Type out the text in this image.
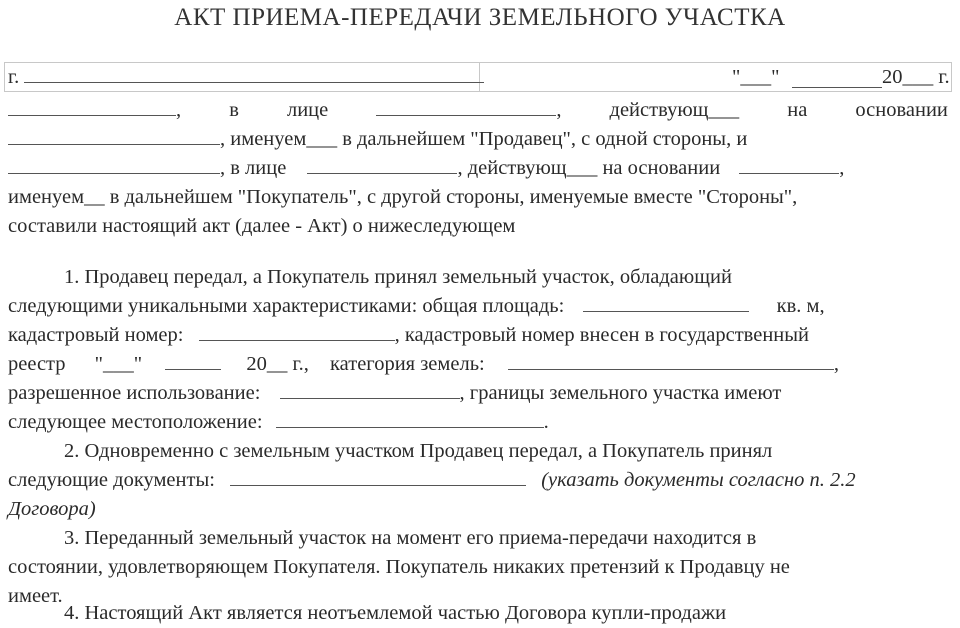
АКТ ПРИЕМА-ПЕРЕДАЧИ ЗЕМЕЛЬНОГО УЧАСТКА
г.	"___"	20___ г.
, в лице	, действующ___ на основании
, именуем___ в дальнейшем "Продавец", с одной стороны, и
, в лице	, действующ___ на основании	,
именуем__ в дальнейшем "Покупатель", с другой стороны, именуемые вместе "Стороны",
составили настоящий акт (далее - Акт) о нижеследующем
1. Продавец передал, а Покупатель принял земельный участок, обладающий
следующими уникальными характеристиками: общая площадь:	кв. м,
кадастровый номер:	, кадастровый номер внесен в государственный
реестр "___"	20__ г., категория земель:	,
разрешенное использование:	, границы земельного участка имеют
следующее местоположение:	.
2. Одновременно с земельным участком Продавец передал, а Покупатель принял
следующие документы:	(указать документы согласно п. 2.2
Договора)
3. Переданный земельный участок на момент его приема-передачи находится в
состоянии, удовлетворяющем Покупателя. Покупатель никаких претензий к Продавцу не
имеет.
4. Настоящий Акт является неотъемлемой частью Договора купли-продажи
